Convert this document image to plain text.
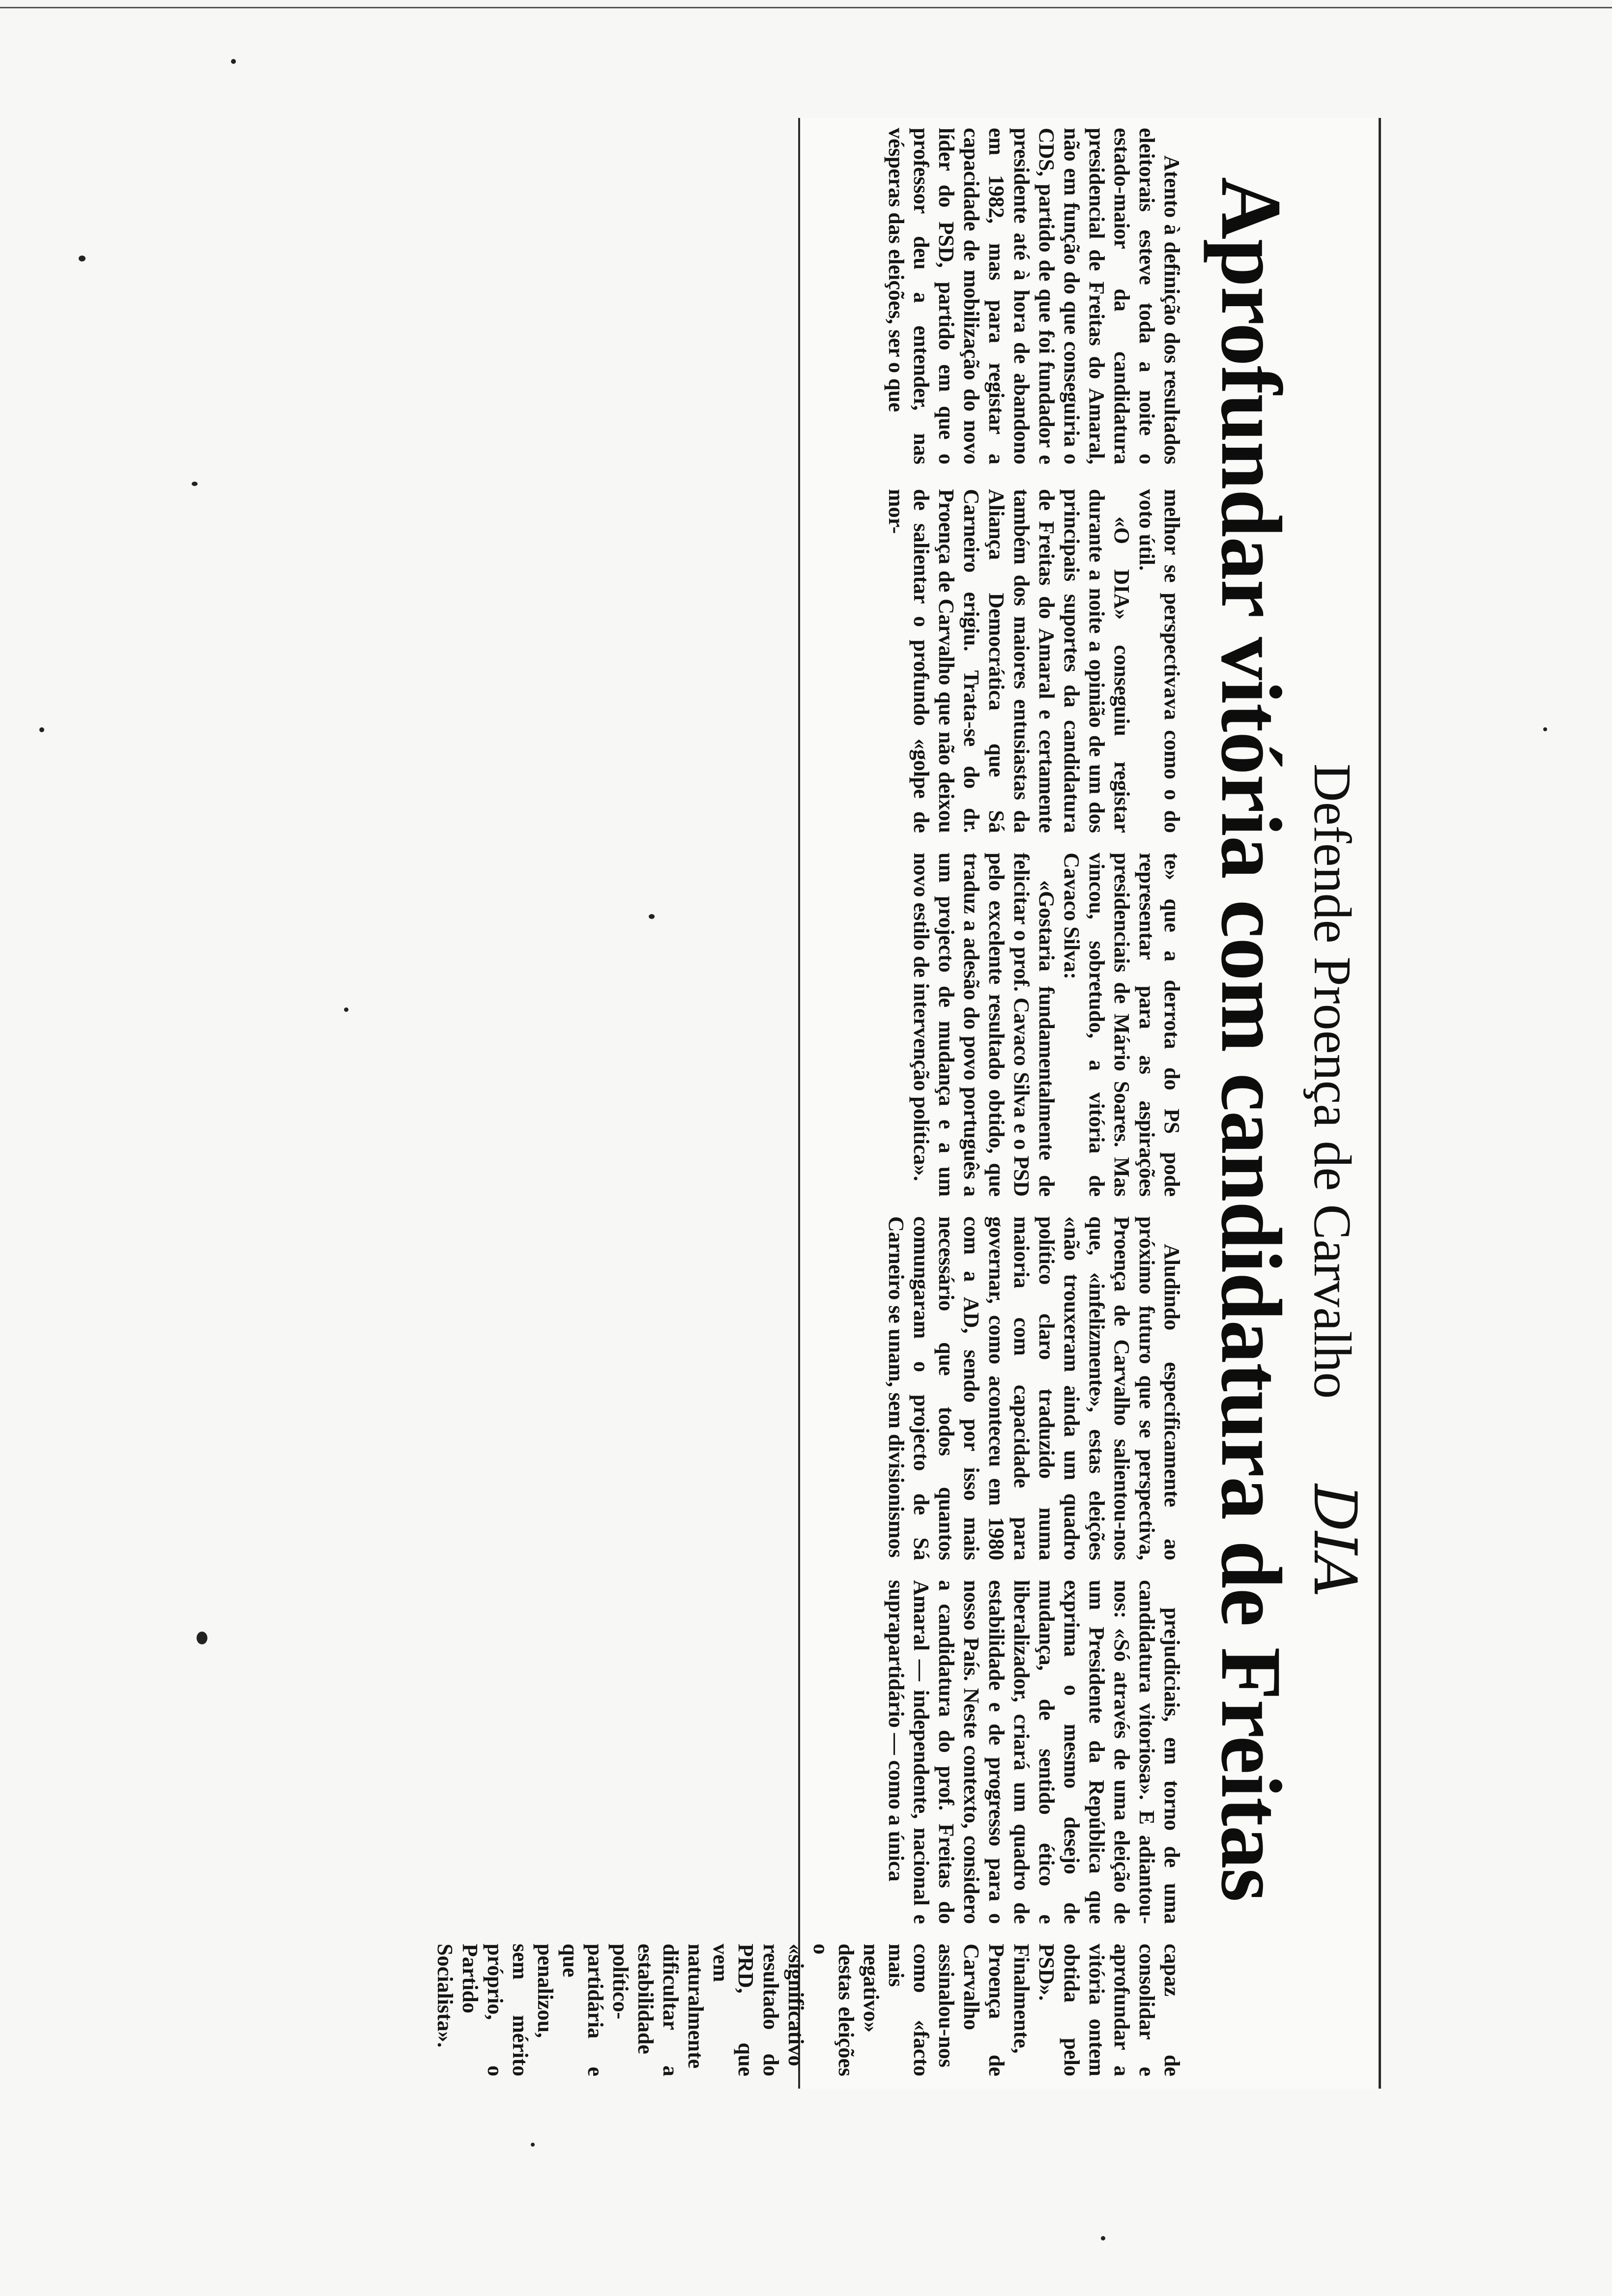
DIA
Defende Proença de Carvalho
Aprofundar vitória com candidatura de Freitas

Atento à definição dos resultados eleitorais esteve toda a noite o estado-maior da candidatura presidencial de Freitas do Amaral, não em função do que conseguiria o CDS, partido de que foi fundador e presidente até à hora de abandono em 1982, mas para registar a capacidade de mobilização do novo líder do PSD, partido em que o professor deu a entender, nas vésperas das eleições, ser o que

melhor se perspectivava como o do voto útil.

«O DIA» conseguiu registar durante a noite a opinião de um dos principais suportes da candidatura de Freitas do Amaral e certamente também dos maiores entusiastas da Aliança Democrática que Sá Carneiro erigiu. Trata-se do dr. Proença de Carvalho que não deixou de salientar o profundo «golpe de mor-

te» que a derrota do PS pode representar para as aspirações presidenciais de Mário Soares. Mas vincou, sobretudo, a vitória de Cavaco Silva:

«Gostaria fundamentalmente de felicitar o prof. Cavaco Silva e o PSD pelo excelente resultado obtido, que traduz a adesão do povo português a um projecto de mudança e a um novo estilo de intervenção política».

Aludindo especificamente ao próximo futuro que se perspectiva, Proença de Carvalho salientou-nos que, «infelizmente», estas eleições «não trouxeram ainda um quadro político claro traduzido numa maioria com capacidade para governar, como aconteceu em 1980 com a AD, sendo por isso mais necessário que todos quantos comungaram o projecto de Sá Carneiro se unam, sem divisionismos

prejudiciais, em torno de uma candidatura vitoriosa». E adiantou-nos: «Só através de uma eleição de um Presidente da República que exprima o mesmo desejo de mudança, de sentido ético e liberalizador, criará um quadro de estabilidade e de progresso para o nosso País. Neste contexto, considero a candidatura do prof. Freitas do Amaral — independente, nacional e suprapartidário — como a única

capaz de consolidar e aprofundar a vitória ontem obtida pelo PSD».

Finalmente, Proença de Carvalho assinalou-nos como «facto mais negativo» destas eleições o «significativo resultado do PRD, que vem naturalmente dificultar a estabilidade político-partidária e que penalizou, sem mérito próprio, o Partido Socialista».
